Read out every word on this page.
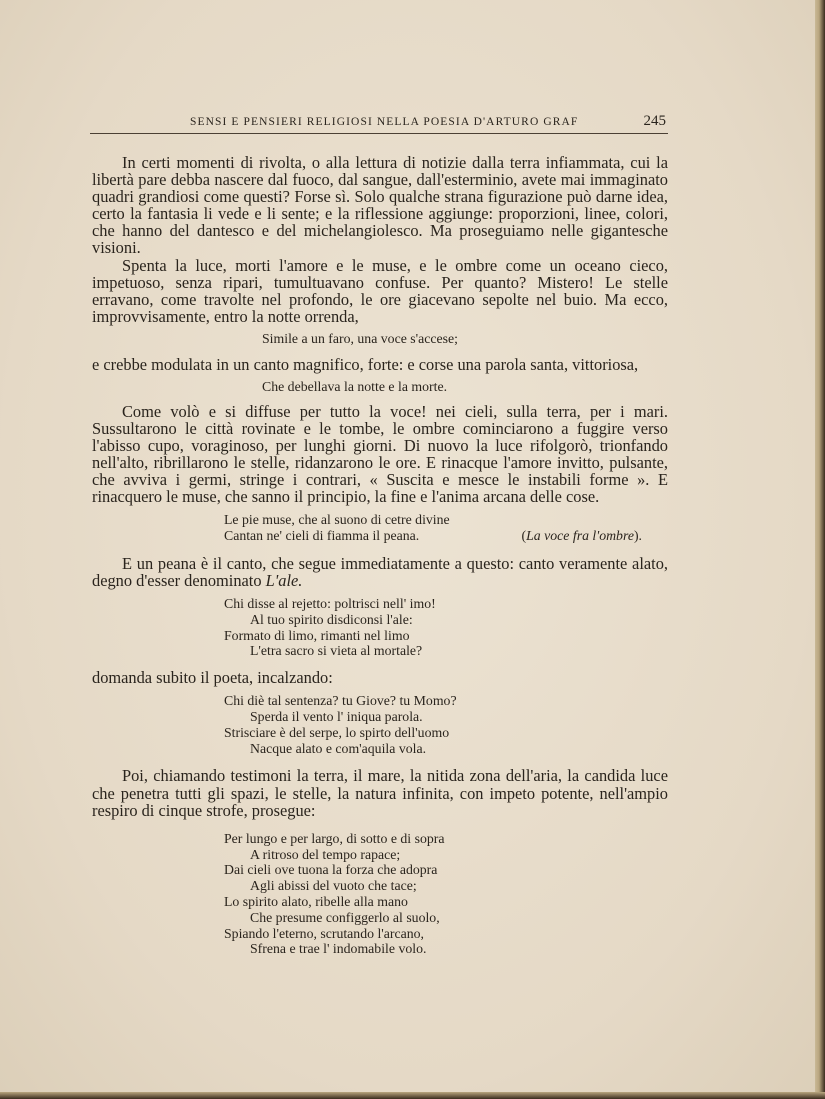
SENSI E PENSIERI RELIGIOSI NELLA POESIA D'ARTURO GRAF	245

In certi momenti di rivolta, o alla lettura di notizie dalla terra infiammata, cui la libertà pare debba nascere dal fuoco, dal sangue, dall'esterminio, avete mai immaginato quadri grandiosi come questi? Forse sì. Solo qualche strana figurazione può darne idea, certo la fantasia li vede e li sente; e la riflessione aggiunge: proporzioni, linee, colori, che hanno del dantesco e del michelangiolesco. Ma proseguiamo nelle gigantesche visioni.

Spenta la luce, morti l'amore e le muse, e le ombre come un oceano cieco, impetuoso, senza ripari, tumultuavano confuse. Per quanto? Mistero! Le stelle erravano, come travolte nel profondo, le ore giacevano sepolte nel buio. Ma ecco, improvvisamente, entro la notte orrenda,

Simile a un faro, una voce s'accese;

e crebbe modulata in un canto magnifico, forte: e corse una parola santa, vittoriosa,

Che debellava la notte e la morte.

Come volò e si diffuse per tutto la voce! nei cieli, sulla terra, per i mari. Sussultarono le città rovinate e le tombe, le ombre cominciarono a fuggire verso l'abisso cupo, voraginoso, per lunghi giorni. Di nuovo la luce rifolgorò, trionfando nell'alto, ribrillarono le stelle, ridanzarono le ore. E rinacque l'amore invitto, pulsante, che avviva i germi, stringe i contrari, « Suscita e mesce le instabili forme ». E rinacquero le muse, che sanno il principio, la fine e l'anima arcana delle cose.

Le pie muse, che al suono di cetre divine
Cantan ne' cieli di fiamma il peana.	(La voce fra l'ombre).

E un peana è il canto, che segue immediatamente a questo: canto veramente alato, degno d'esser denominato L'ale.

Chi disse al rejetto: poltrisci nell' imo!
Al tuo spirito disdiconsi l'ale:
Formato di limo, rimanti nel limo
L'etra sacro si vieta al mortale?

domanda subito il poeta, incalzando:

Chi diè tal sentenza? tu Giove? tu Momo?
Sperda il vento l' iniqua parola.
Strisciare è del serpe, lo spirto dell'uomo
Nacque alato e com'aquila vola.

Poi, chiamando testimoni la terra, il mare, la nitida zona dell'aria, la candida luce che penetra tutti gli spazi, le stelle, la natura infinita, con impeto potente, nell'ampio respiro di cinque strofe, prosegue:

Per lungo e per largo, di sotto e di sopra
A ritroso del tempo rapace;
Dai cieli ove tuona la forza che adopra
Agli abissi del vuoto che tace;
Lo spirito alato, ribelle alla mano
Che presume configgerlo al suolo,
Spiando l'eterno, scrutando l'arcano,
Sfrena e trae l' indomabile volo.
